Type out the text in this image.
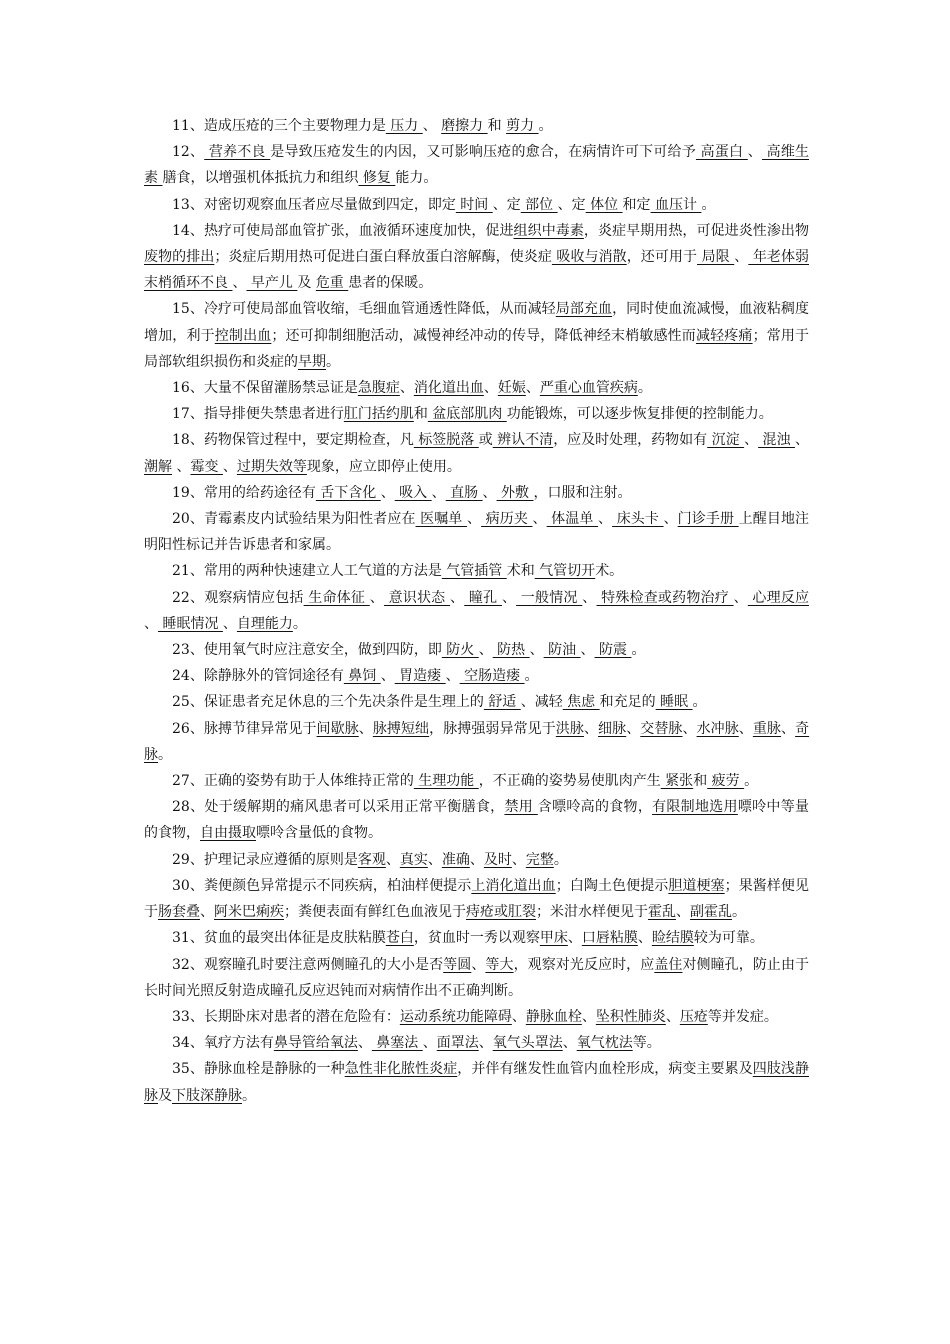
11、造成压疮的三个主要物理力是 压力 、 磨擦力 和 剪力 。

12、 营养不良 是导致压疮发生的内因，又可影响压疮的愈合，在病情许可下可给予 高蛋白 、 高维生素 膳食，以增强机体抵抗力和组织 修复 能力。

13、对密切观察血压者应尽量做到四定，即定 时间 、定 部位 、定 体位 和定 血压计 。

14、热疗可使局部血管扩张，血液循环速度加快，促进组织中毒素，炎症早期用热，可促进炎性渗出物废物的排出；炎症后期用热可促进白蛋白释放蛋白溶解酶，使炎症 吸收与消散，还可用于 局限 、 年老体弱末梢循环不良 、 早产儿 及 危重 患者的保暖。

15、冷疗可使局部血管收缩，毛细血管通透性降低，从而减轻局部充血，同时使血流减慢，血液粘稠度增加，利于控制出血；还可抑制细胞活动，减慢神经冲动的传导，降低神经末梢敏感性而减轻疼痛；常用于局部软组织损伤和炎症的早期。

16、大量不保留灌肠禁忌证是急腹症、消化道出血、妊娠、严重心血管疾病。

17、指导排便失禁患者进行肛门括约肌和 盆底部肌肉 功能锻炼，可以逐步恢复排便的控制能力。

18、药物保管过程中，要定期检查，凡 标签脱落 或 辨认不清，应及时处理，药物如有 沉淀 、 混浊 、潮解 、霉变 、过期失效等现象，应立即停止使用。

19、常用的给药途径有 舌下含化 、 吸入 、 直肠 、 外敷 ，口服和注射。

20、青霉素皮内试验结果为阳性者应在 医嘱单 、 病历夹 、 体温单 、 床头卡 、门诊手册 上醒目地注明阳性标记并告诉患者和家属。

21、常用的两种快速建立人工气道的方法是 气管插管 术和 气管切开术。

22、观察病情应包括 生命体征 、 意识状态 、 瞳孔 、 一般情况 、 特殊检查或药物治疗 、 心理反应 、 睡眠情况 、自理能力。

23、使用氧气时应注意安全，做到四防，即 防火 、 防热 、 防油 、 防震 。

24、除静脉外的管饲途径有 鼻饲 、 胃造瘘 、 空肠造瘘 。

25、保证患者充足休息的三个先决条件是生理上的 舒适 、减轻 焦虑 和充足的 睡眠 。

26、脉搏节律异常见于间歇脉、脉搏短绌，脉搏强弱异常见于洪脉、细脉、交替脉、水冲脉、重脉、奇脉。

27、正确的姿势有助于人体维持正常的 生理功能 ，不正确的姿势易使肌肉产生 紧张和 疲劳 。

28、处于缓解期的痛风患者可以采用正常平衡膳食，禁用 含嘌呤高的食物，有限制地选用嘌呤中等量的食物，自由摄取嘌呤含量低的食物。

29、护理记录应遵循的原则是客观、真实、准确、及时、完整。

30、粪便颜色异常提示不同疾病，柏油样便提示上消化道出血；白陶土色便提示胆道梗塞；果酱样便见于肠套叠、阿米巴痢疾；粪便表面有鲜红色血液见于痔疮或肛裂；米泔水样便见于霍乱、副霍乱。

31、贫血的最突出体征是皮肤粘膜苍白，贫血时一秀以观察甲床、口唇粘膜、睑结膜较为可靠。

32、观察瞳孔时要注意两侧瞳孔的大小是否等圆、等大，观察对光反应时，应盖住对侧瞳孔，防止由于长时间光照反射造成瞳孔反应迟钝而对病情作出不正确判断。

33、长期卧床对患者的潜在危险有：运动系统功能障碍、静脉血栓、坠积性肺炎、压疮等并发症。

34、氧疗方法有鼻导管给氧法、 鼻塞法 、面罩法、氧气头罩法、氧气枕法等。

35、静脉血栓是静脉的一种急性非化脓性炎症，并伴有继发性血管内血栓形成，病变主要累及四肢浅静脉及下肢深静脉。
